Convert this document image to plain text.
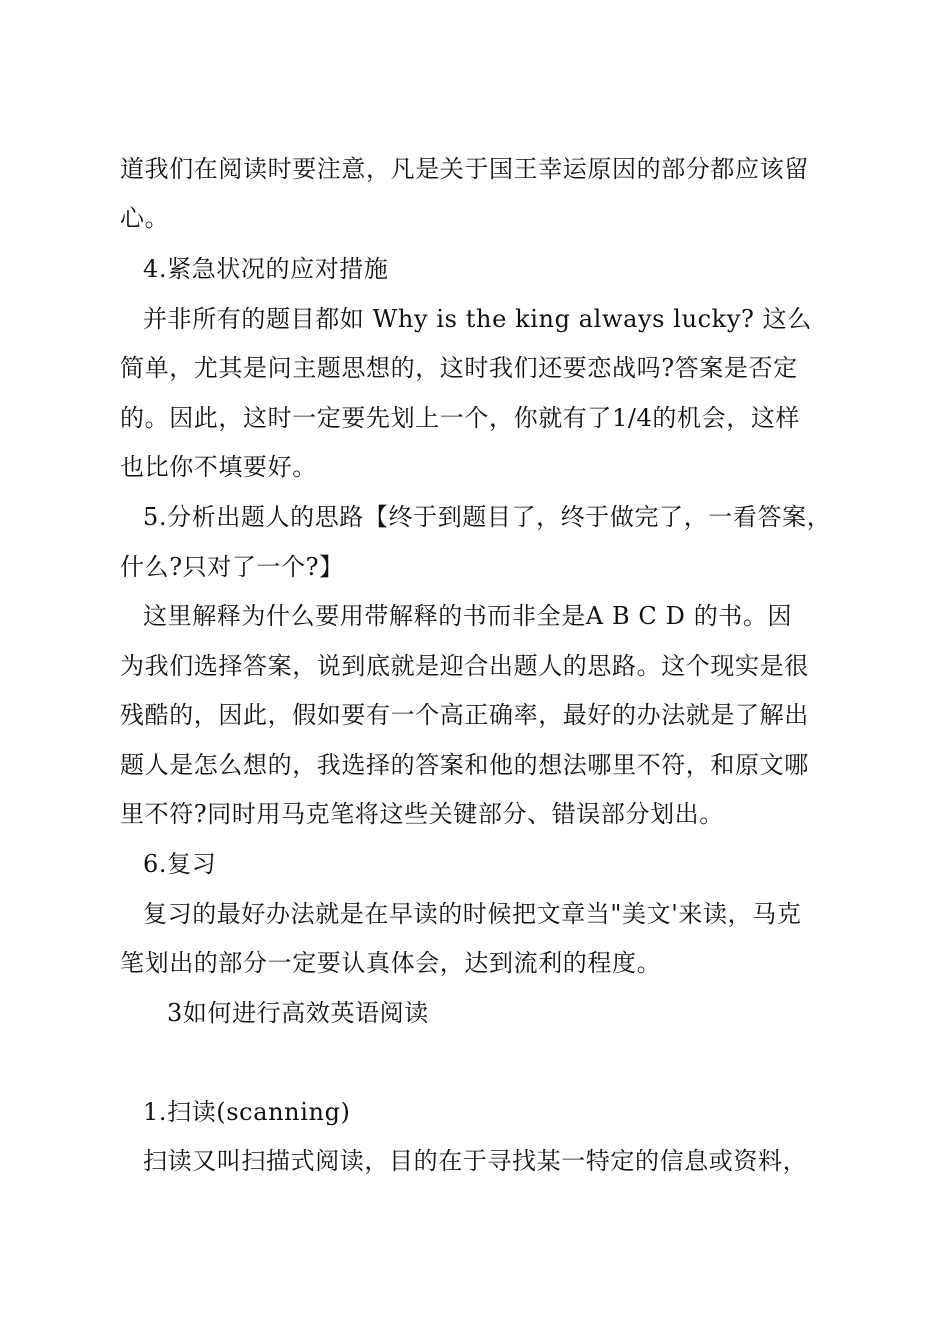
道我们在阅读时要注意，凡是关于国王幸运原因的部分都应该留
心。
4.紧急状况的应对措施
并非所有的题目都如 Why is the king always lucky? 这么
简单，尤其是问主题思想的，这时我们还要恋战吗?答案是否定
的。因此，这时一定要先划上一个，你就有了1/4的机会，这样
也比你不填要好。
5.分析出题人的思路【终于到题目了，终于做完了，一看答案，
什么?只对了一个?】
这里解释为什么要用带解释的书而非全是A B C D 的书。因
为我们选择答案，说到底就是迎合出题人的思路。这个现实是很
残酷的，因此，假如要有一个高正确率，最好的办法就是了解出
题人是怎么想的，我选择的答案和他的想法哪里不符，和原文哪
里不符?同时用马克笔将这些关键部分、错误部分划出。
6.复习
复习的最好办法就是在早读的时候把文章当"美文'来读，马克
笔划出的部分一定要认真体会，达到流利的程度。
3如何进行高效英语阅读
1.扫读(scanning)
扫读又叫扫描式阅读，目的在于寻找某一特定的信息或资料，
